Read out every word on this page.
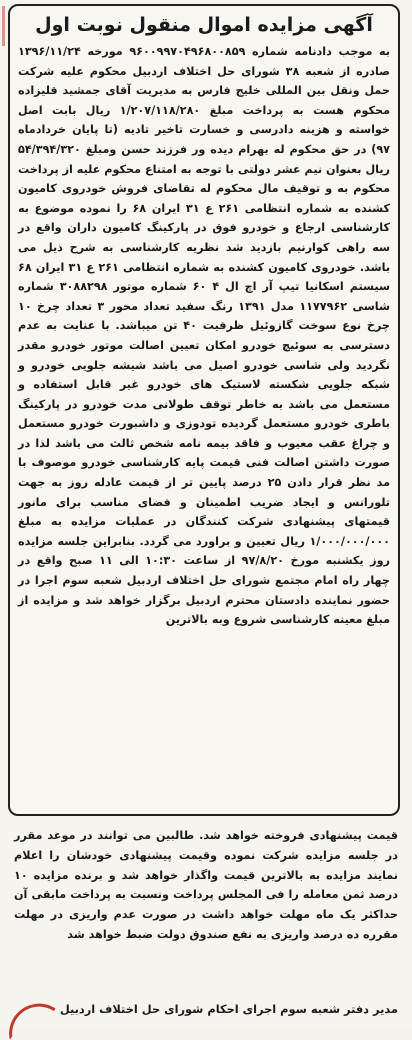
آگهی مزایده اموال منقول نوبت اول

به موجب دادنامه شماره ۹۶۰۰۹۹۷۰۴۹۶۸۰۰۸۵۹ مورخه ۱۳۹۶/۱۱/۲۴ صادره از شعبه ۳۸ شورای حل اختلاف اردبیل محکوم علیه شرکت حمل ونقل بین المللی خلیج فارس به مدیریت آقای جمشید قلیزاده محکوم هست به پرداخت مبلغ ۱/۲۰۷/۱۱۸/۲۸۰ ریال بابت اصل خواسته و هزینه دادرسی و خسارت تاخیر تادیه (تا پایان خردادماه ۹۷) در حق محکوم له بهرام دیده ور فرزند حسن ومبلغ ۵۴/۳۹۴/۳۲۰ ریال بعنوان نیم عشر دولتی با توجه به امتناع محکوم علیه از پرداخت محکوم به و توقیف مال محکوم له تقاضای فروش خودروی کامیون کشنده به شماره انتظامی ۲۶۱ ع ۳۱ ایران ۶۸ را نموده موضوع به کارشناسی ارجاع و خودرو فوق در پارکینگ کامیون داران واقع در سه راهی کوارنیم بازدید شد نظریه کارشناسی به شرح ذیل می باشد. خودروی کامیون کشنده به شماره انتظامی ۲۶۱ ع ۳۱ ایران ۶۸ سیستم اسکانیا تیپ آر اچ ال ۴ ۶۰ شماره موتور ۳۰۸۸۲۹۸ شماره شاسی ۱۱۷۷۹۶۲ مدل ۱۳۹۱ رنگ سفید تعداد محور ۳ تعداد چرخ ۱۰ چرخ نوع سوخت گازوئیل ظرفیت ۴۰ تن میباشد. با عنایت به عدم دسترسی به سوئیچ خودرو امکان تعیین اصالت موتور خودرو مقدر نگردید ولی شاسی خودرو اصیل می باشد شیشه جلویی خودرو و شبکه جلویی شکسته لاستیک های خودرو غیر قابل استفاده و مستعمل می باشد به خاطر توقف طولانی مدت خودرو در پارکینگ باطری خودرو مستعمل گردیده تودوزی و داشبورت خودرو مستعمل و چراغ عقب معیوب و فاقد بیمه نامه شخص ثالث می باشد لذا در صورت داشتن اصالت فنی قیمت پایه کارشناسی خودرو موصوف با مد نظر قرار دادن ۲۵ درصد پایین تر از قیمت عادله روز به جهت تلورانس و ایجاد ضریب اطمینان و فضای مناسب برای مانور قیمتهای پیشنهادی شرکت کنندگان در عملیات مزایده به مبلغ ۱/۰۰۰/۰۰۰/۰۰۰ ریال تعیین و براورد می گردد. بنابراین جلسه مزایده روز یکشنبه مورخ ۹۷/۸/۲۰ از ساعت ۱۰:۳۰ الی ۱۱ صبح واقع در چهار راه امام مجتمع شورای حل اختلاف اردبیل شعبه سوم اجرا در حضور نماینده دادستان محترم اردبیل برگزار خواهد شد و مزایده از مبلغ معینه کارشناسی شروع وبه بالاترین

قیمت پیشنهادی فروخته خواهد شد. طالبین می توانند در موعد مقرر در جلسه مزایده شرکت نموده وقیمت پیشنهادی خودشان را اعلام نمایند مزایده به بالاترین قیمت واگذار خواهد شد و برنده مزایده ۱۰ درصد ثمن معامله را فی المجلس پرداخت ونسبت به پرداخت مابقی آن حداکثر یک ماه مهلت خواهد داشت در صورت عدم واریزی در مهلت مقرره ده درصد واریزی به نفع صندوق دولت ضبط خواهد شد

مدیر دفتر شعبه سوم اجرای احکام شورای حل اختلاف اردبیل
